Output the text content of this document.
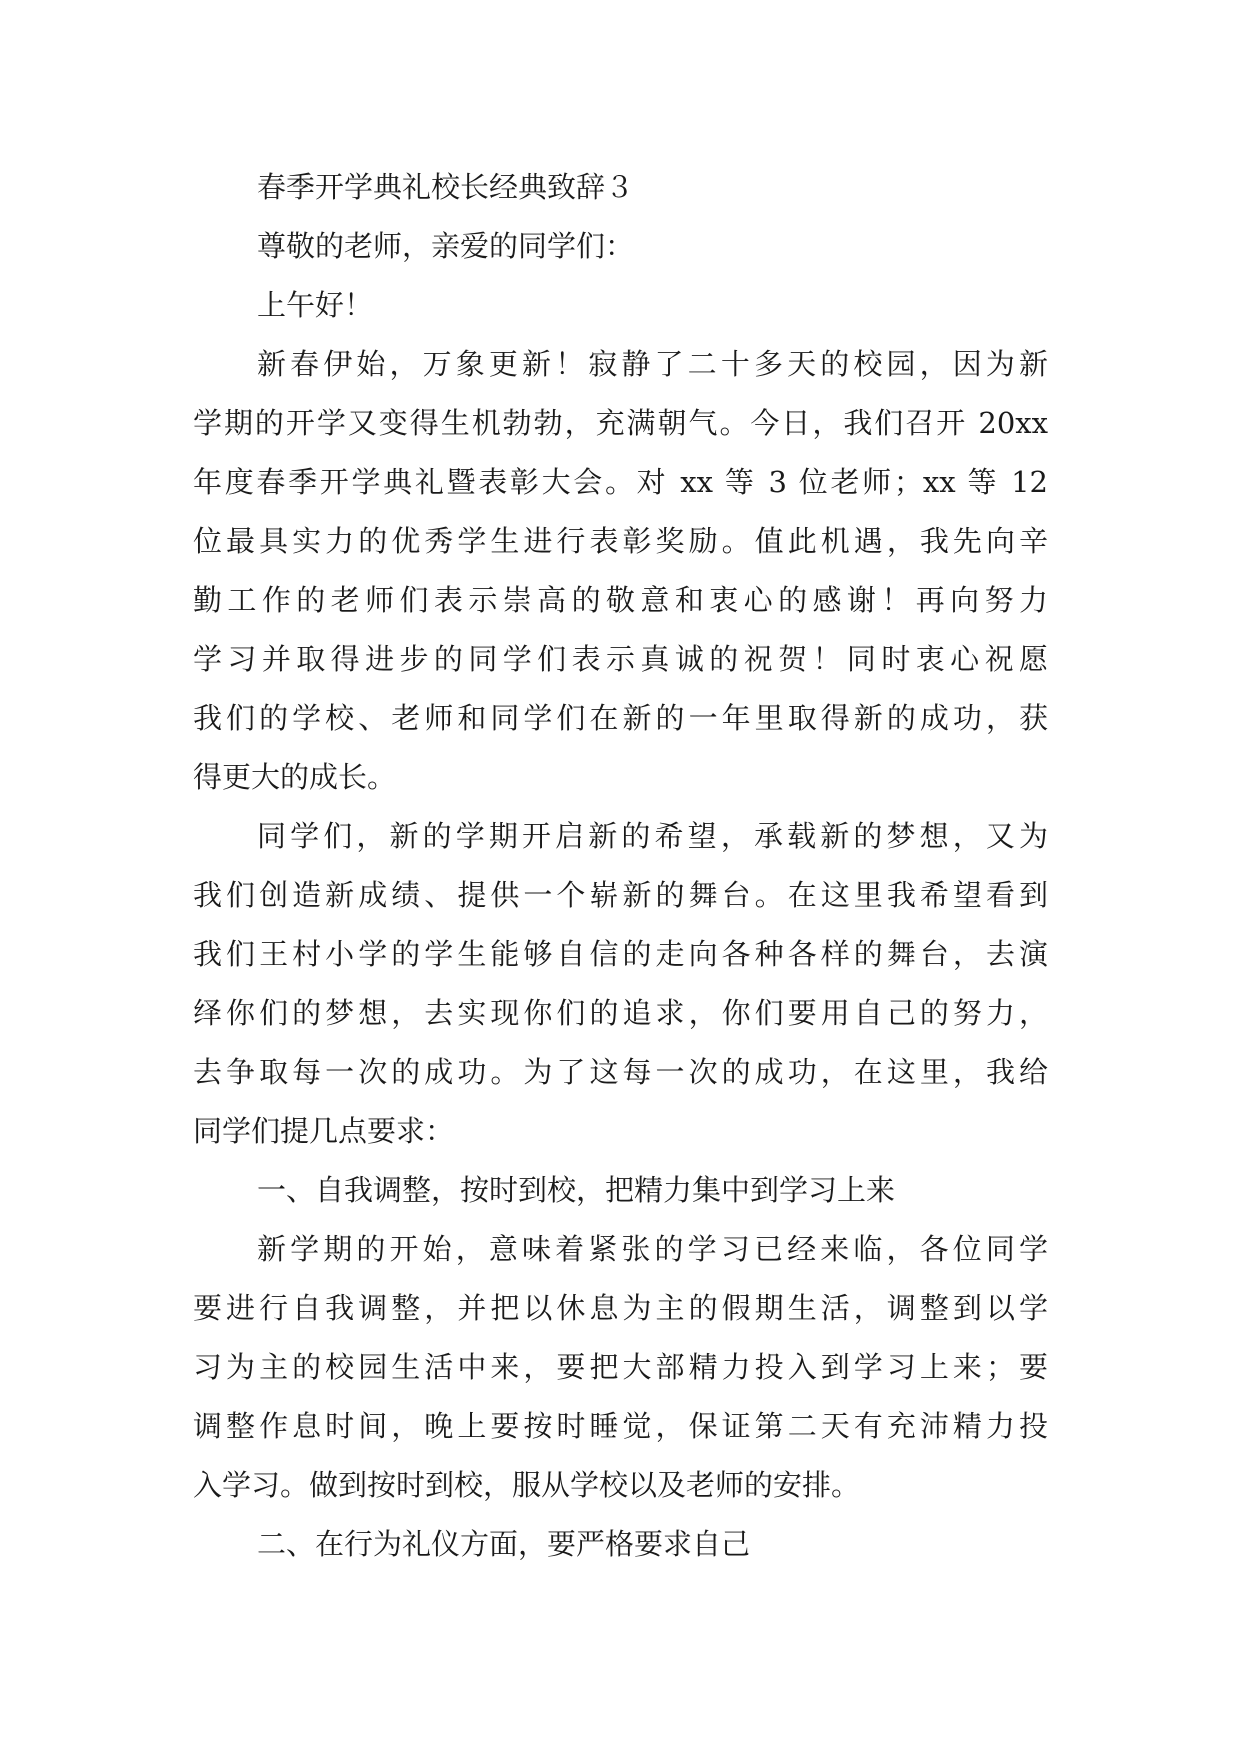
春季开学典礼校长经典致辞３
尊敬的老师，亲爱的同学们：
上午好！
新春伊始，万象更新！寂静了二十多天的校园，因为新
学期的开学又变得生机勃勃，充满朝气。今日，我们召开 20xx
年度春季开学典礼暨表彰大会。对 xx 等 3 位老师；xx 等 12
位最具实力的优秀学生进行表彰奖励。值此机遇，我先向辛
勤工作的老师们表示崇高的敬意和衷心的感谢！再向努力
学习并取得进步的同学们表示真诚的祝贺！同时衷心祝愿
我们的学校、老师和同学们在新的一年里取得新的成功，获
得更大的成长。
同学们，新的学期开启新的希望，承载新的梦想，又为
我们创造新成绩、提供一个崭新的舞台。在这里我希望看到
我们王村小学的学生能够自信的走向各种各样的舞台，去演
绎你们的梦想，去实现你们的追求，你们要用自己的努力，
去争取每一次的成功。为了这每一次的成功，在这里，我给
同学们提几点要求：
一、自我调整，按时到校，把精力集中到学习上来
新学期的开始，意味着紧张的学习已经来临，各位同学
要进行自我调整，并把以休息为主的假期生活，调整到以学
习为主的校园生活中来，要把大部精力投入到学习上来；要
调整作息时间，晚上要按时睡觉，保证第二天有充沛精力投
入学习。做到按时到校，服从学校以及老师的安排。
二、在行为礼仪方面，要严格要求自己
